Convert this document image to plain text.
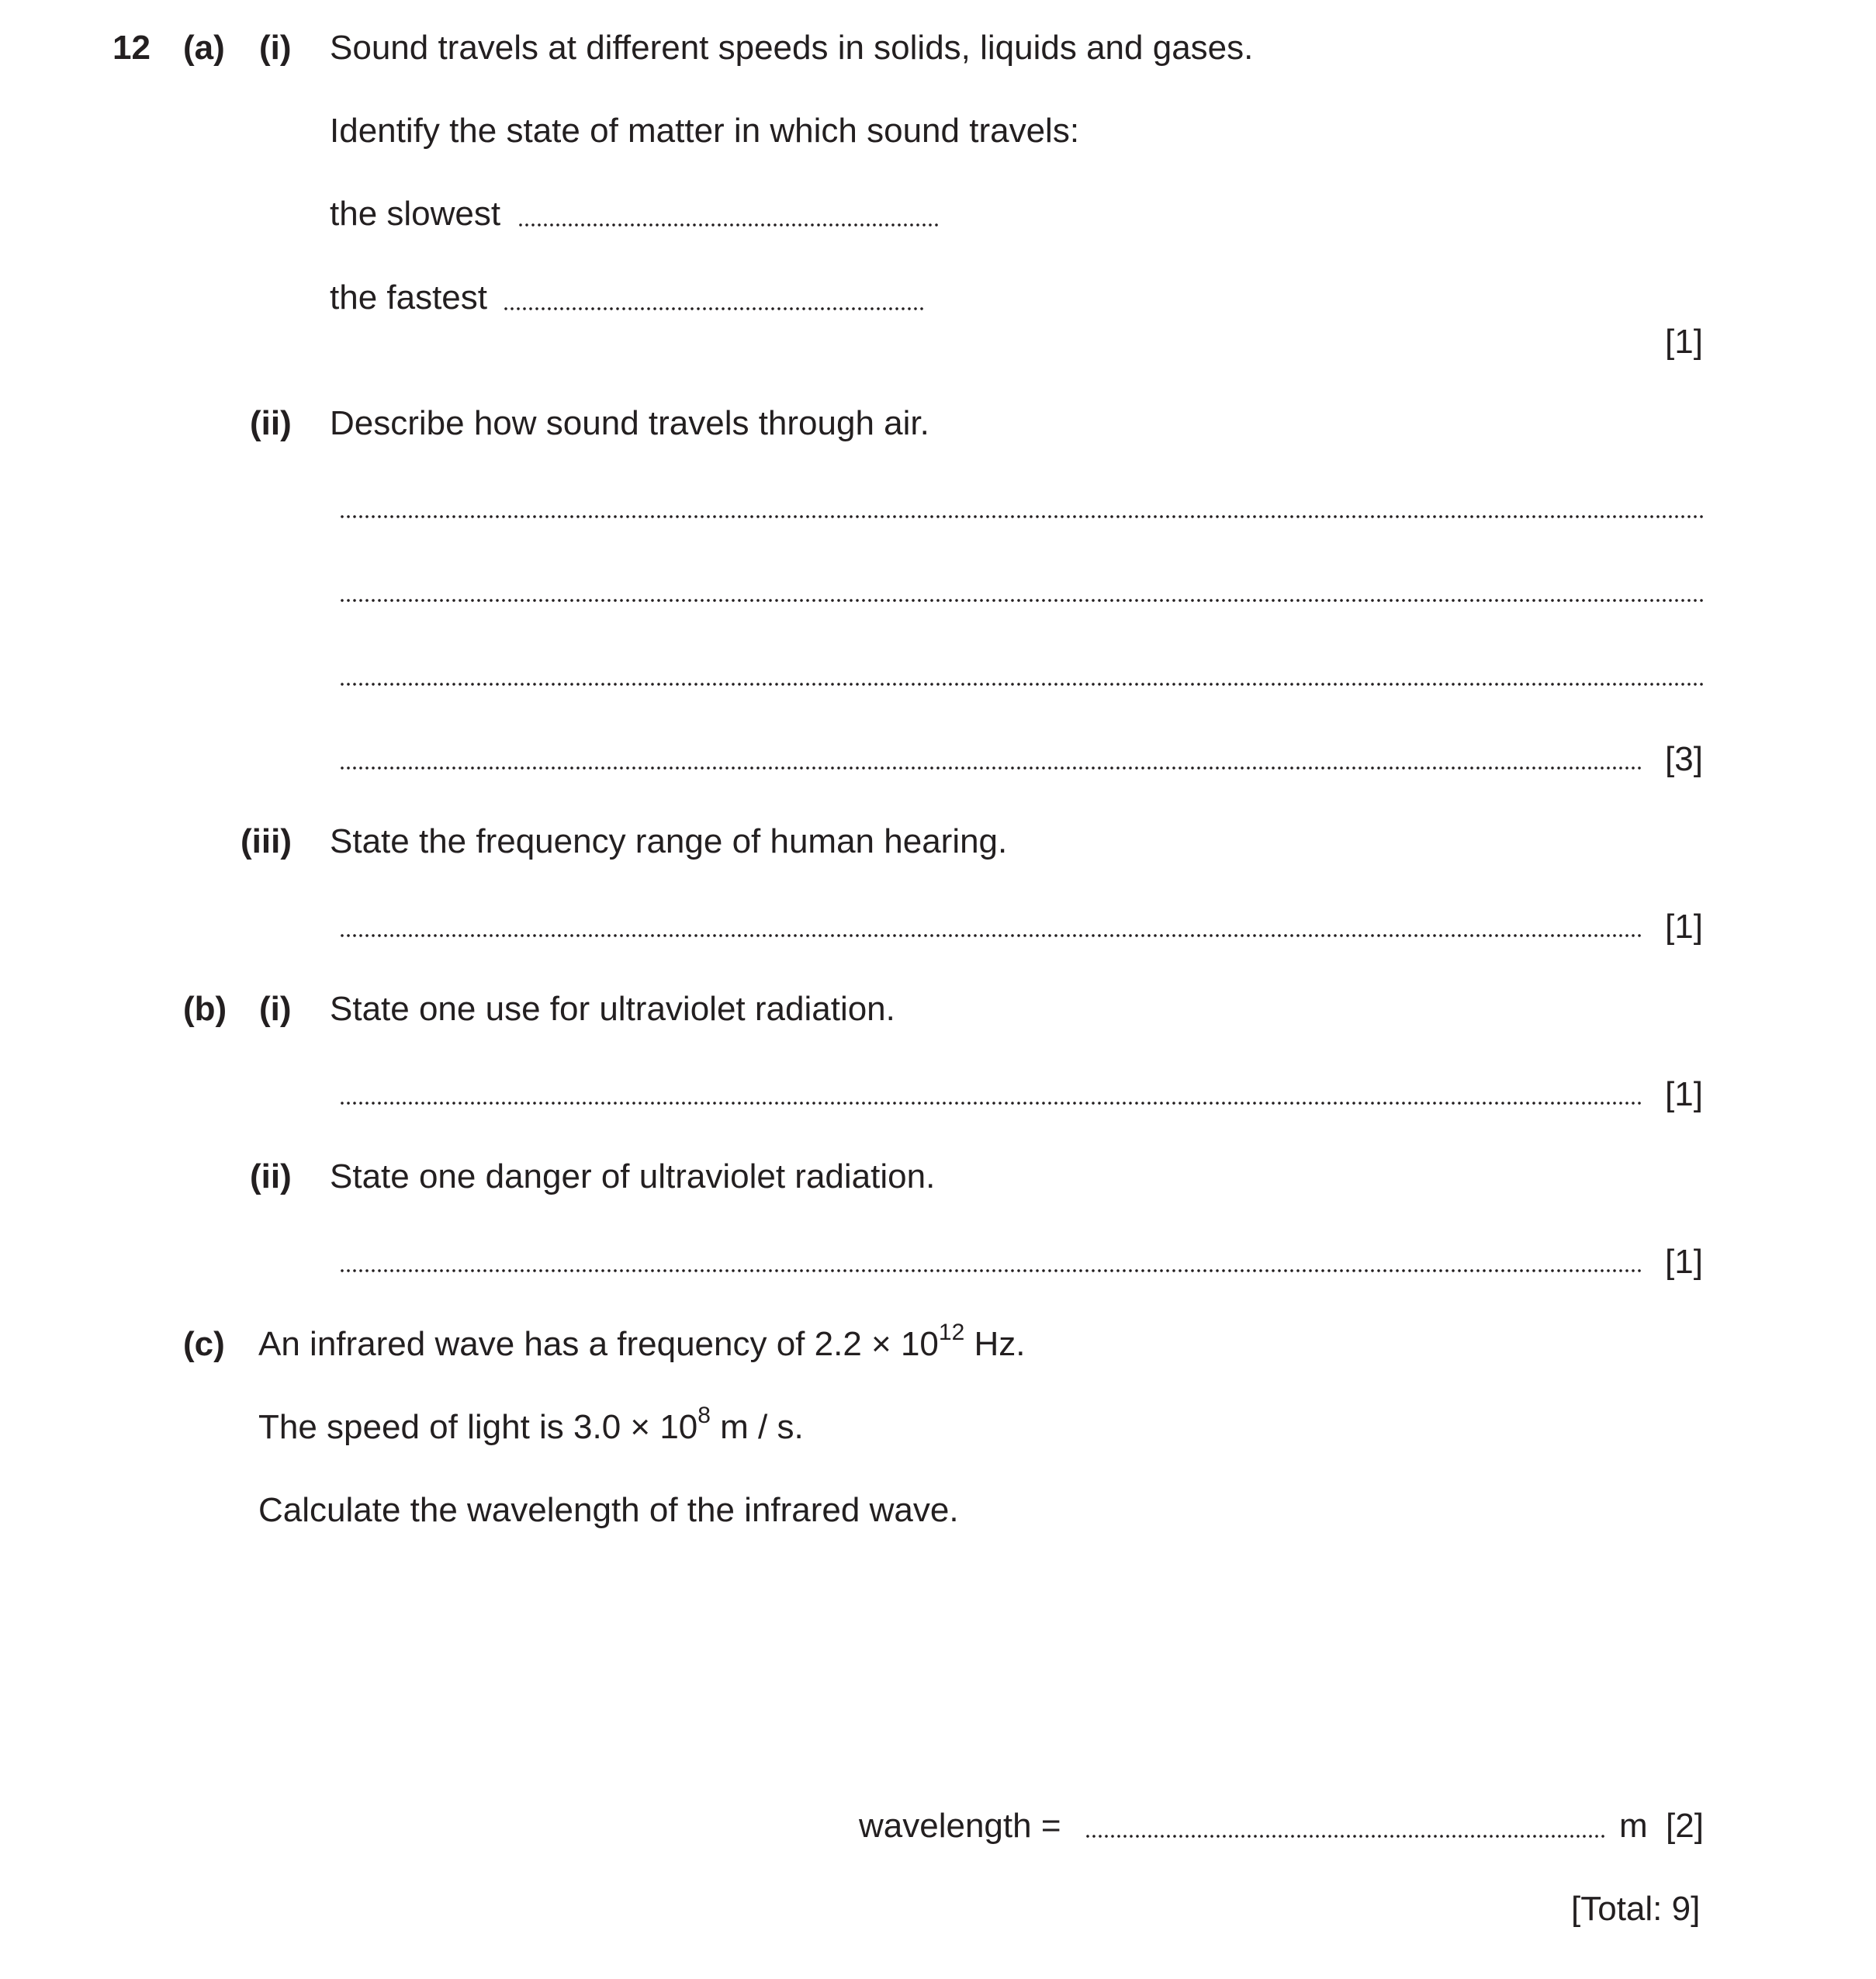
12 (a) (i) Sound travels at different speeds in solids, liquids and gases.
Identify the state of matter in which sound travels:
the slowest
the fastest
[1]
(ii) Describe how sound travels through air.
[3]
(iii) State the frequency range of human hearing.
[1]
(b) (i) State one use for ultraviolet radiation.
[1]
(ii) State one danger of ultraviolet radiation.
[1]
(c) An infrared wave has a frequency of $2.2 \times 10^{12}$ Hz.
The speed of light is $3.0 \times 10^8$ m / s.
Calculate the wavelength of the infrared wave.
wavelength =	m [2]
[Total: 9]
